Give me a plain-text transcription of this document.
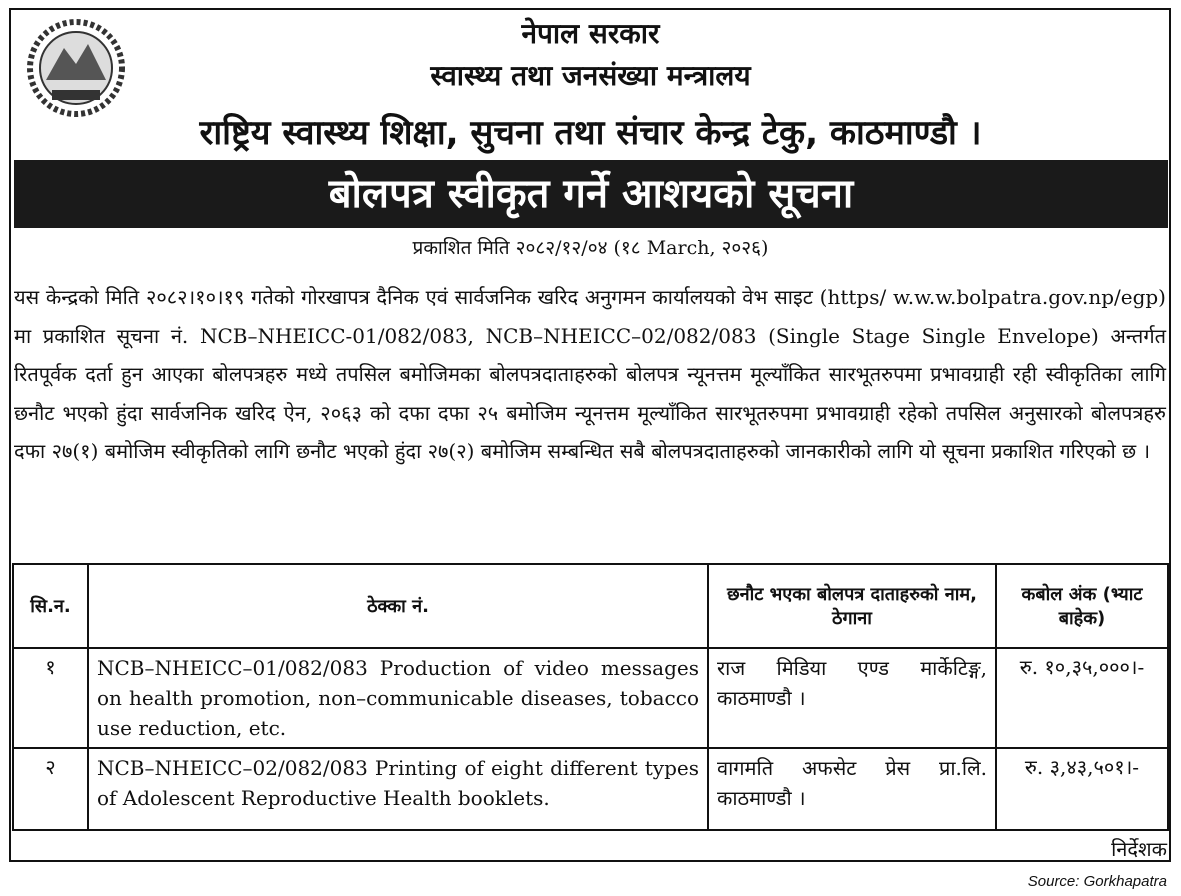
नेपाल सरकार
स्वास्थ्य तथा जनसंख्या मन्त्रालय
राष्ट्रिय स्वास्थ्य शिक्षा, सुचना तथा संचार केन्द्र टेकु, काठमाण्डौ ।
बोलपत्र स्वीकृत गर्ने आशयको सूचना
प्रकाशित मिति २०८२/१२/०४ (१८ March, २०२६)
यस केन्द्रको मिति २०८२।१०।१९ गतेको गोरखापत्र दैनिक एवं सार्वजनिक खरिद अनुगमन कार्यालयको वेभ साइट (https/ w.w.w.bolpatra.gov.np/egp) मा प्रकाशित सूचना नं. NCB–NHEICC-01/082/083, NCB–NHEICC–02/082/083 (Single Stage Single Envelope) अन्तर्गत रितपूर्वक दर्ता हुन आएका बोलपत्रहरु मध्ये तपसिल बमोजिमका बोलपत्रदाताहरुको बोलपत्र न्यूनत्तम मूल्यॉंकित सारभूतरुपमा प्रभावग्राही रही स्वीकृतिका लागि छनौट भएको हुंदा सार्वजनिक खरिद ऐन, २०६३ को दफा दफा २५ बमोजिम न्यूनत्तम मूल्यॉंकित सारभूतरुपमा प्रभावग्राही रहेको तपसिल अनुसारको बोलपत्रहरु दफा २७(१) बमोजिम स्वीकृतिको लागि छनौट भएको हुंदा २७(२) बमोजिम सम्बन्धित सबै बोलपत्रदाताहरुको जानकारीको लागि यो सूचना प्रकाशित गरिएको छ ।
सि.न.	ठेक्का नं.	छनौट भएका बोलपत्र दाताहरुको नाम, ठेगाना	कबोल अंक (भ्याट बाहेक)
१	NCB–NHEICC–01/082/083 Production of video messages on health promotion, non–communicable diseases, tobacco use reduction, etc.	राज मिडिया एण्ड मार्केटिङ्ग, काठमाण्डौ ।	रु. १०,३५,०००।-
२	NCB–NHEICC–02/082/083 Printing of eight different types of Adolescent Reproductive Health booklets.	वागमति अफसेट प्रेस प्रा.लि. काठमाण्डौ ।	रु. ३,४३,५०१।-
निर्देशक
Source: Gorkhapatra
